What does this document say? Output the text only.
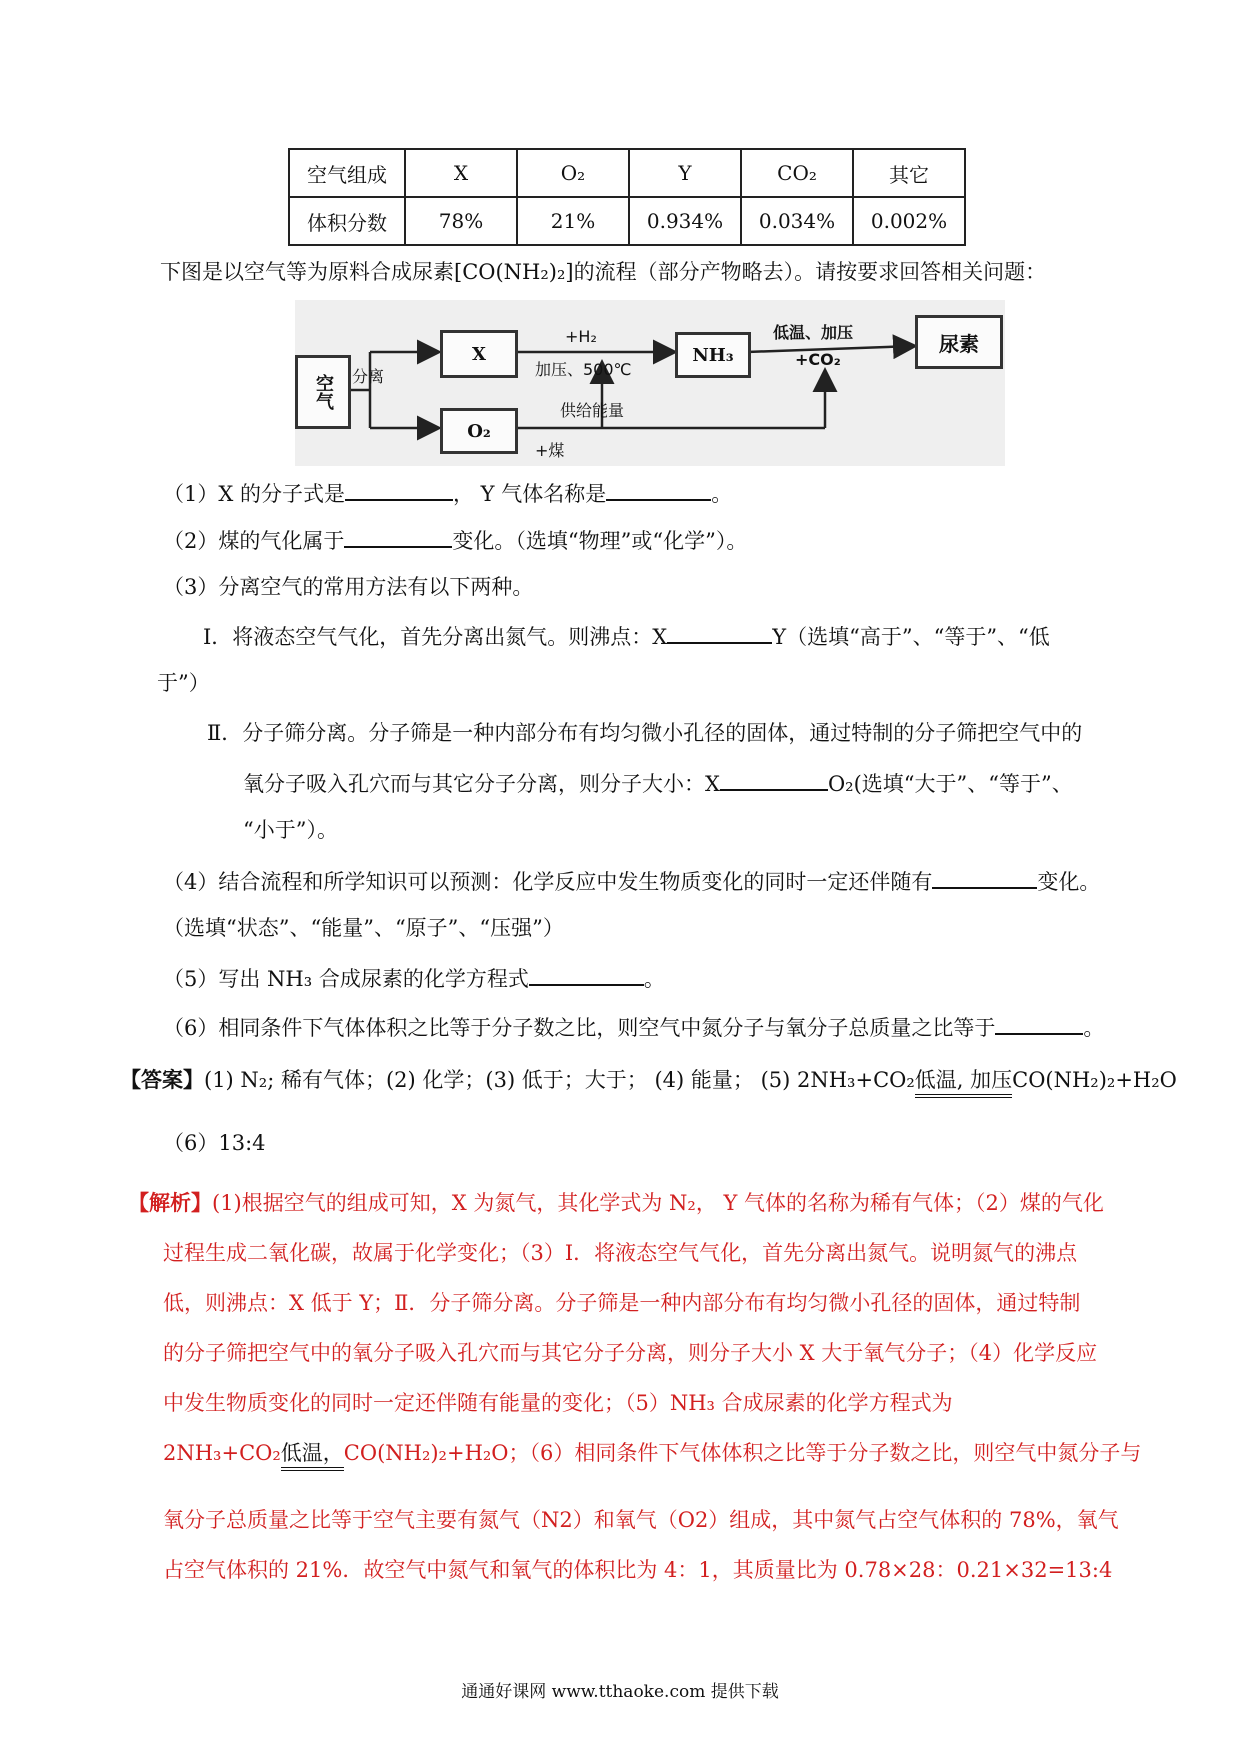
空气组成	X	O₂	Y	CO₂	其它
体积分数	78%	21%	0.934%	0.034%	0.002%
下图是以空气等为原料合成尿素[CO(NH₂)₂]的流程（部分产物略去）。请按要求回答相关问题：
空气	分离
X
O₂
NH₃	尿素
+H₂
加压、500℃
供给能量
+煤
低温、加压
+CO₂
（1）X 的分子式是	， Y 气体名称是	。
（2）煤的气化属于	变化。（选填“物理”或“化学”）。
（3）分离空气的常用方法有以下两种。
Ⅰ．将液态空气气化，首先分离出氮气。则沸点：X	Y（选填“高于”、“等于”、“低
于”）
Ⅱ．分子筛分离。分子筛是一种内部分布有均匀微小孔径的固体，通过特制的分子筛把空气中的
氧分子吸入孔穴而与其它分子分离，则分子大小：X	O₂(选填“大于”、“等于”、
“小于”）。
（4）结合流程和所学知识可以预测：化学反应中发生物质变化的同时一定还伴随有	变化。
（选填“状态”、“能量”、“原子”、“压强”）
（5）写出 NH₃ 合成尿素的化学方程式	。
（6）相同条件下气体体积之比等于分子数之比，则空气中氮分子与氧分子总质量之比等于	。
【答案】(1) N₂; 稀有气体；(2) 化学；(3) 低于；大于； (4) 能量； (5) 2NH₃+CO₂低温, 加压CO(NH₂)₂+H₂O
（6）13:4
【解析】(1)根据空气的组成可知，X 为氮气，其化学式为 N₂， Y 气体的名称为稀有气体；（2）煤的气化
过程生成二氧化碳，故属于化学变化；（3）Ⅰ．将液态空气气化，首先分离出氮气。说明氮气的沸点
低，则沸点：X 低于 Y；Ⅱ．分子筛分离。分子筛是一种内部分布有均匀微小孔径的固体，通过特制
的分子筛把空气中的氧分子吸入孔穴而与其它分子分离，则分子大小 X 大于氧气分子；（4）化学反应
中发生物质变化的同时一定还伴随有能量的变化；（5）NH₃ 合成尿素的化学方程式为
2NH₃+CO₂低温，CO(NH₂)₂+H₂O；（6）相同条件下气体体积之比等于分子数之比，则空气中氮分子与
氧分子总质量之比等于空气主要有氮气（N2）和氧气（O2）组成，其中氮气占空气体积的 78%，氧气
占空气体积的 21%．故空气中氮气和氧气的体积比为 4：1，其质量比为 0.78×28：0.21×32=13:4
通通好课网 www.tthaoke.com 提供下载
